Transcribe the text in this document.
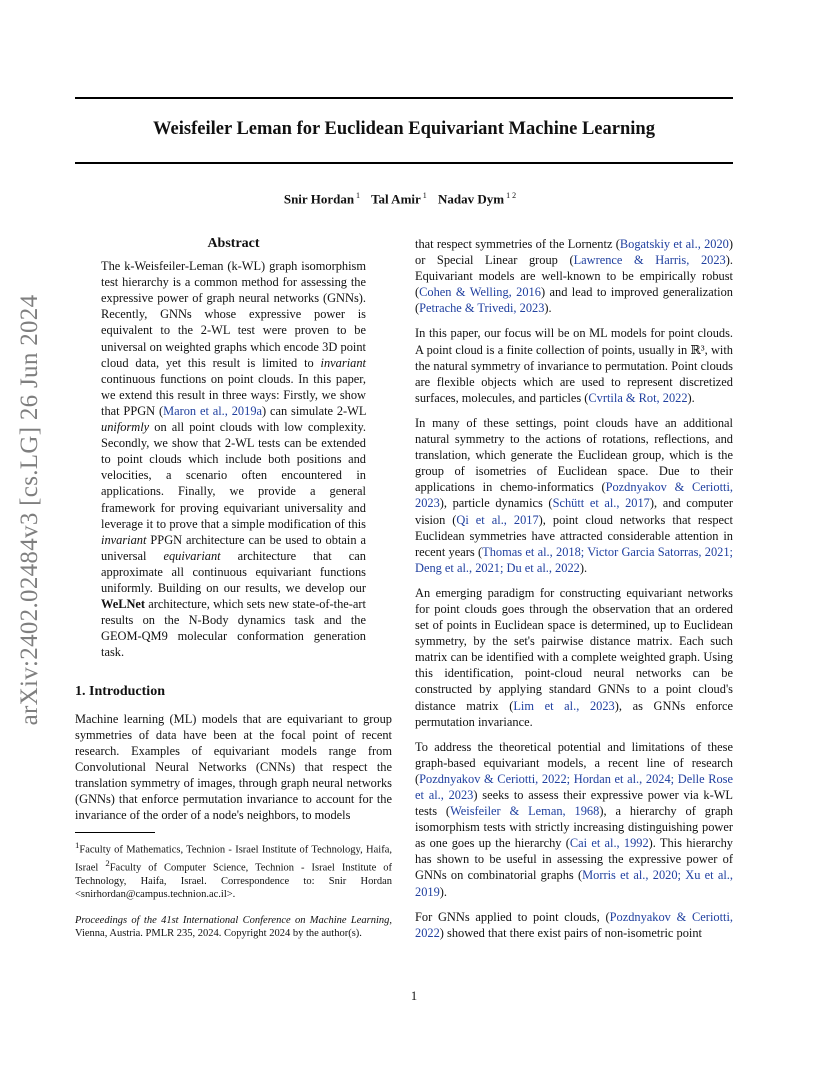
arXiv:2402.02484v3 [cs.LG] 26 Jun 2024
Weisfeiler Leman for Euclidean Equivariant Machine Learning
Snir Hordan $^1$ Tal Amir $^1$ Nadav Dym $^{1 2}$
Abstract
The k-Weisfeiler-Leman (k-WL) graph isomorphism test hierarchy is a common method for assessing the expressive power of graph neural networks (GNNs). Recently, GNNs whose expressive power is equivalent to the 2-WL test were proven to be universal on weighted graphs which encode 3D point cloud data, yet this result is limited to invariant continuous functions on point clouds. In this paper, we extend this result in three ways: Firstly, we show that PPGN (Maron et al., 2019a) can simulate 2-WL uniformly on all point clouds with low complexity. Secondly, we show that 2-WL tests can be extended to point clouds which include both positions and velocities, a scenario often encountered in applications. Finally, we provide a general framework for proving equivariant universality and leverage it to prove that a simple modification of this invariant PPGN architecture can be used to obtain a universal equivariant architecture that can approximate all continuous equivariant functions uniformly. Building on our results, we develop our WeLNet architecture, which sets new state-of-the-art results on the N-Body dynamics task and the GEOM-QM9 molecular conformation generation task.
1. Introduction

Machine learning (ML) models that are equivariant to group symmetries of data have been at the focal point of recent research. Examples of equivariant models range from Convolutional Neural Networks (CNNs) that respect the translation symmetry of images, through graph neural networks (GNNs) that enforce permutation invariance to account for the invariance of the order of a node's neighbors, to models

$^1$Faculty of Mathematics, Technion - Israel Institute of Technology, Haifa, Israel $^2$Faculty of Computer Science, Technion - Israel Institute of Technology, Haifa, Israel. Correspondence to: Snir Hordan <snirhordan@campus.technion.ac.il>.
Proceedings of the 41st International Conference on Machine Learning, Vienna, Austria. PMLR 235, 2024. Copyright 2024 by the author(s).

that respect symmetries of the Lornentz (Bogatskiy et al., 2020) or Special Linear group (Lawrence & Harris, 2023). Equivariant models are well-known to be empirically robust (Cohen & Welling, 2016) and lead to improved generalization (Petrache & Trivedi, 2023).

In this paper, our focus will be on ML models for point clouds. A point cloud is a finite collection of points, usually in ℝ³, with the natural symmetry of invariance to permutation. Point clouds are flexible objects which are used to represent discretized surfaces, molecules, and particles (Cvrtila & Rot, 2022).

In many of these settings, point clouds have an additional natural symmetry to the actions of rotations, reflections, and translation, which generate the Euclidean group, which is the group of isometries of Euclidean space. Due to their applications in chemo-informatics (Pozdnyakov & Ceriotti, 2023), particle dynamics (Schütt et al., 2017), and computer vision (Qi et al., 2017), point cloud networks that respect Euclidean symmetries have attracted considerable attention in recent years (Thomas et al., 2018; Victor Garcia Satorras, 2021; Deng et al., 2021; Du et al., 2022).

An emerging paradigm for constructing equivariant networks for point clouds goes through the observation that an ordered set of points in Euclidean space is determined, up to Euclidean symmetry, by the set's pairwise distance matrix. Each such matrix can be identified with a complete weighted graph. Using this identification, point-cloud neural networks can be constructed by applying standard GNNs to a point cloud's distance matrix (Lim et al., 2023), as GNNs enforce permutation invariance.

To address the theoretical potential and limitations of these graph-based equivariant models, a recent line of research (Pozdnyakov & Ceriotti, 2022; Hordan et al., 2024; Delle Rose et al., 2023) seeks to assess their expressive power via k-WL tests (Weisfeiler & Leman, 1968), a hierarchy of graph isomorphism tests with strictly increasing distinguishing power as one goes up the hierarchy (Cai et al., 1992). This hierarchy has shown to be useful in assessing the expressive power of GNNs on combinatorial graphs (Morris et al., 2020; Xu et al., 2019).

For GNNs applied to point clouds, (Pozdnyakov & Ceriotti, 2022) showed that there exist pairs of non-isometric point

1
